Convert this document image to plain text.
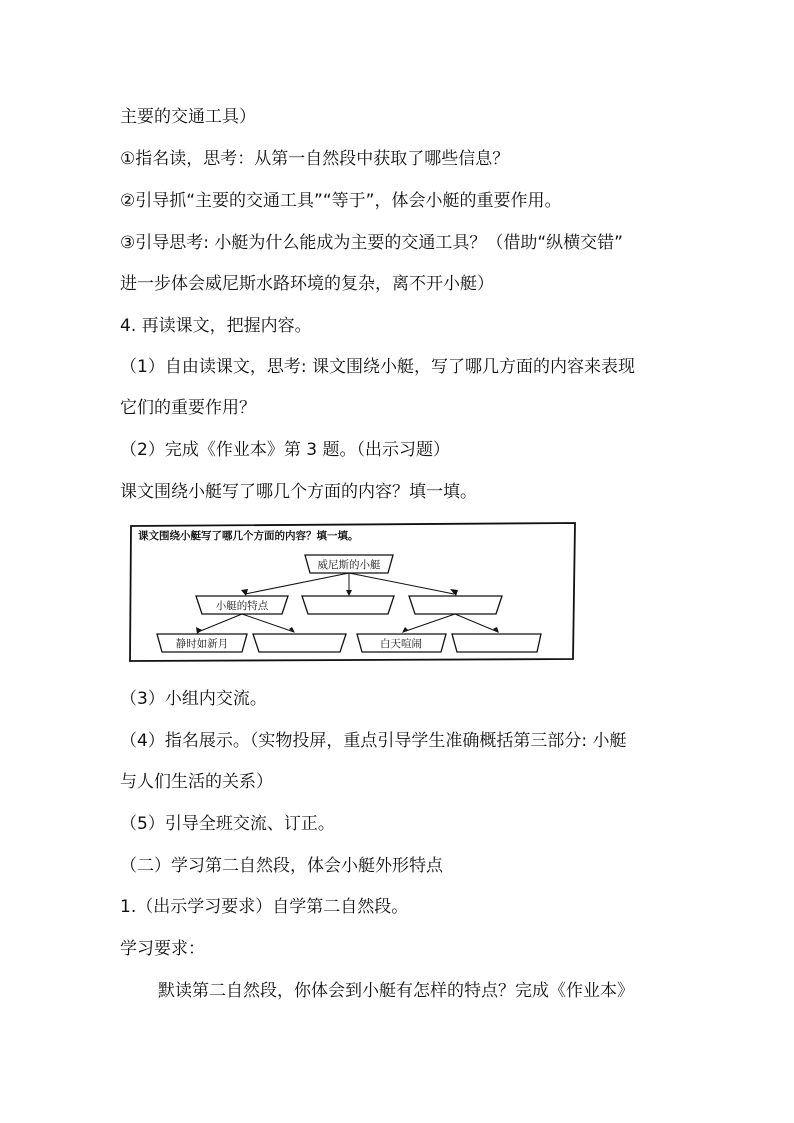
主要的交通工具）
①指名读，思考：从第一自然段中获取了哪些信息？
②引导抓“主要的交通工具”“等于”，体会小艇的重要作用。
③引导思考: 小艇为什么能成为主要的交通工具？（借助“纵横交错”
进一步体会威尼斯水路环境的复杂，离不开小艇）
4. 再读课文，把握内容。
（1）自由读课文，思考: 课文围绕小艇，写了哪几方面的内容来表现
它们的重要作用？
（2）完成《作业本》第 3 题。（出示习题）
课文围绕小艇写了哪几个方面的内容？填一填。
课文围绕小艇写了哪几个方面的内容？填一填。
威尼斯的小艇
小艇的特点
静时如新月	白天喧闹
（3）小组内交流。
（4）指名展示。（实物投屏，重点引导学生准确概括第三部分: 小艇
与人们生活的关系）
（5）引导全班交流、订正。
（二）学习第二自然段，体会小艇外形特点
1.（出示学习要求）自学第二自然段。
学习要求：
默读第二自然段，你体会到小艇有怎样的特点？完成《作业本》
